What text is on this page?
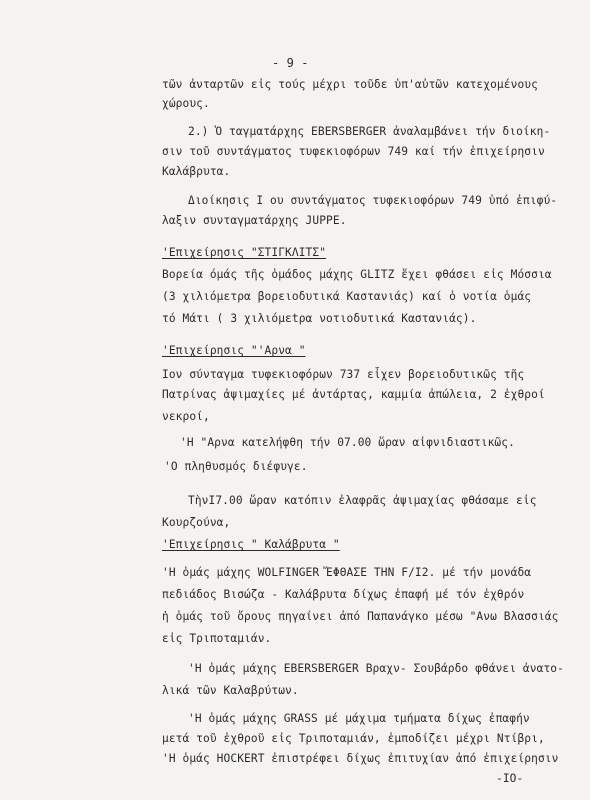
- 9 -
τῶν ἀνταρτῶν εἰς τούς μέχρι τοῦδε ὑπ'αὐτῶν κατεχομένους
χώρους.
2.) Ὁ ταγματάρχης EBERSBERGER ἀναλαμβάνει τήν διοίκη-
σιν τοῦ συντάγματος τυφεκιοφόρων 749 καί τήν ἐπιχείρησιν
Καλάβρυτα.
Διοίκησις I ου συντάγματος τυφεκιοφόρων 749 ὑπό ἐπιφύ-
λαξιν συνταγματάρχης JUPPE.
'Επιχείρησις "ΣΤΙΓΚΛΙΤΣ"
Βορεία όμάς τῆς ὁμάδος μάχης GLITZ ἔχει φθάσει εἰς Μόσσια
(3 χιλιόμετρα βορειοδυτικά Καστανιάς) καί ὁ νοτία ὁμάς
τό Μάτι ( 3 χιλιόμεtρα νοτιοδυτικά Καστανιάς).
'Επιχείρησις "'Αρνα "
Ιον σύνταγμα τυφεκιοφόρων 737 εἶχεν βορειοδυτικῶς τῆς
Πατρίνας ἀψιμαχίες μέ ἀντάρτας, καμμία ἀπώλεια, 2 ἐχθροί
νεκροί,
'Η "Αρνα κατελήφθη τήν 07.00 ὥραν αἰφνιδιαστικῶς.
'Ο πληθυσμός διέφυγε.
ΤὴνΙ7.00 ὥραν κατόπιν ἐλαφρᾶς ἀψιμαχίας φθάσαμε εἰς
Κουρζούνα,
'Επιχείρησις " Καλάβρυτα "
'Η ὁμάς μάχης WOLFINGER ἜΦΘΑΣΕ THN F/I2. μέ τήν μονάδα
πεδιάδος Βισώζα - Καλάβρυτα δίχως ἐπαφή μέ τόν ἐχθρόν
ἡ ὁμάς τοῦ ὄρους πηγαίνει ἀπό Παπανάγκο μέσω "Ανω Βλασσιάς
εἰς Τριποταμιάν.
'Η ὁμάς μάχης EBERSBERGER Βραχν- Σουβάρδο φθάνει ἀνατο-
λικά τῶν Καλαβρύτων.
'Η ὁμάς μάχης GRASS μέ μάχιμα τμήματα δίχως ἐπαφήν
μετά τοῦ ἐχθροῦ εἰς Τριποταμιάν, ἐμποδίζει μέχρι Ντίβρι,
'Η ὁμάς HOCKERT ἐπιστρέφει δίχως ἐπιτυχίαν ἀπό ἐπιχείρησιν
-IO-
